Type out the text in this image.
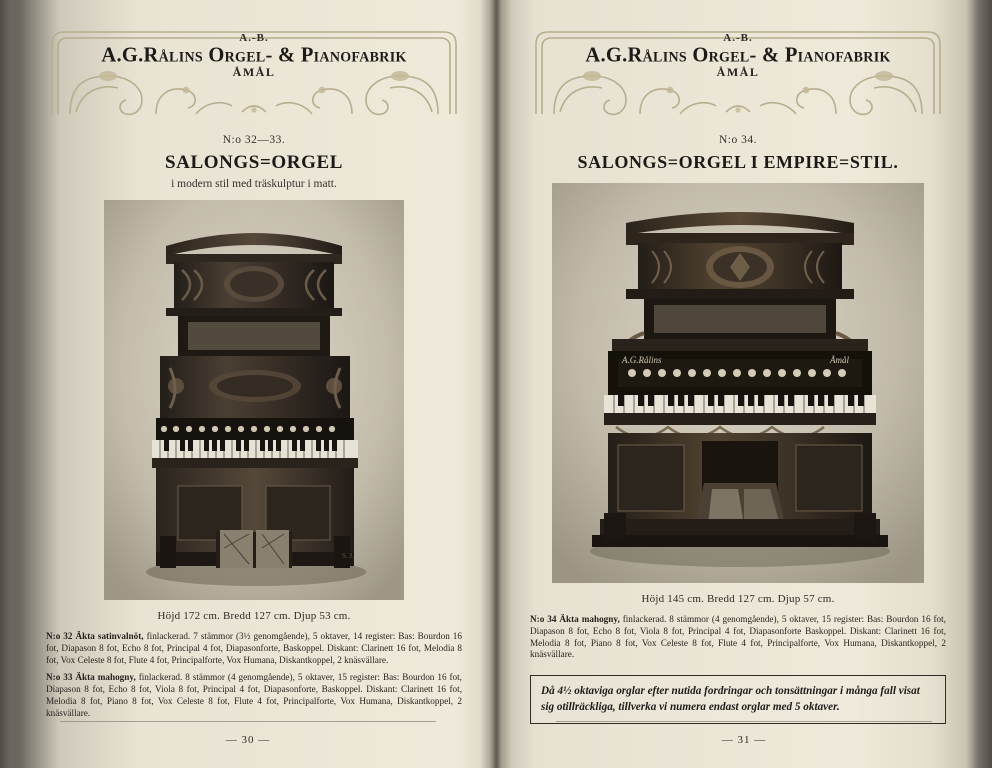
A.-B.
A.G.Rålins Orgel- & Pianofabrik
ÅMÅL
N:o 32—33.
SALONGS=ORGEL
i modern stil med träskulptur i matt.
S. J.
Höjd 172 cm. Bredd 127 cm. Djup 53 cm.

N:o 32 Äkta satinvalnöt, finlackerad. 7 stämmor (3½ genomgående), 5 oktaver, 14 register: Bas: Bourdon 16 fot, Diapason 8 fot, Echo 8 fot, Principal 4 fot, Diapasonforte, Baskoppel. Diskant: Clarinett 16 fot, Melodia 8 fot, Vox Celeste 8 fot, Flute 4 fot, Principalforte, Vox Humana, Diskantkoppel, 2 knäsvällare.

N:o 33 Äkta mahogny, finlackerad. 8 stämmor (4 genomgående), 5 oktaver, 15 register: Bas: Bourdon 16 fot, Diapason 8 fot, Echo 8 fot, Viola 8 fot, Principal 4 fot, Diapasonforte, Baskoppel. Diskant: Clarinett 16 fot, Melodia 8 fot, Piano 8 fot, Vox Celeste 8 fot, Flute 4 fot, Principalforte, Vox Humana, Diskantkoppel, 2 knäsvällare.

— 30 —
A.-B.
A.G.Rålins Orgel- & Pianofabrik
ÅMÅL
N:o 34.
SALONGS=ORGEL I EMPIRE=STIL.
A.G.Rålins	Åmål
Höjd 145 cm. Bredd 127 cm. Djup 57 cm.

N:o 34 Äkta mahogny, finlackerad. 8 stämmor (4 genomgående), 5 oktaver, 15 register: Bas: Bourdon 16 fot, Diapason 8 fot, Echo 8 fot, Viola 8 fot, Principal 4 fot, Diapasonforte Baskoppel. Diskant: Clarinett 16 fot, Melodia 8 fot, Piano 8 fot, Vox Celeste 8 fot, Flute 4 fot, Principalforte, Vox Humana, Diskantkoppel, 2 knäsvällare.

Då 4½ oktaviga orglar efter nutida fordringar och tonsättningar i många fall visat sig otillräckliga, tillverka vi numera endast orglar med 5 oktaver.
— 31 —
